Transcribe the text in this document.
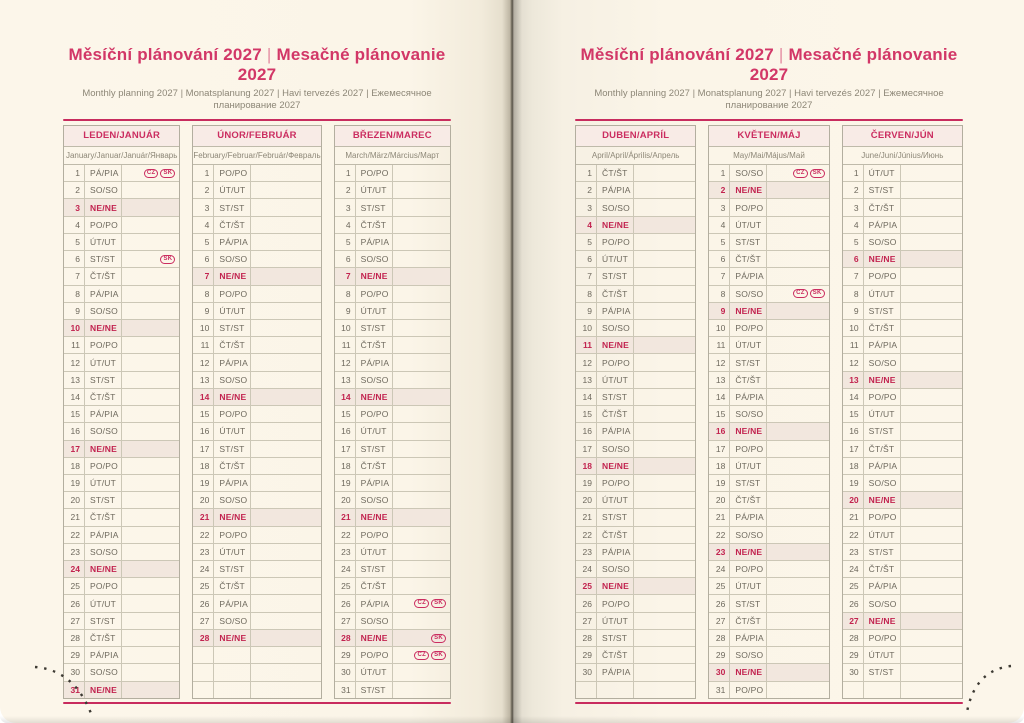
Měsíční plánování 2027 | Mesačné plánovanie 2027
Monthly planning 2027 | Monatsplanung 2027 | Havi tervezés 2027 | Ежемесячное планирование 2027
LEDEN/JANUÁR
January/Januar/Január/Январь
1	PÁ/PIA	CZ	SK
2	SO/SO
3	NE/NE
4	PO/PO
5	ÚT/UT
6	ST/ST	SK
7	ČT/ŠT
8	PÁ/PIA
9	SO/SO
10	NE/NE
11	PO/PO
12	ÚT/UT
13	ST/ST
14	ČT/ŠT
15	PÁ/PIA
16	SO/SO
17	NE/NE
18	PO/PO
19	ÚT/UT
20	ST/ST
21	ČT/ŠT
22	PÁ/PIA
23	SO/SO
24	NE/NE
25	PO/PO
26	ÚT/UT
27	ST/ST
28	ČT/ŠT
29	PÁ/PIA
30	SO/SO
31	NE/NE
ÚNOR/FEBRUÁR
February/Februar/Február/Февраль
1	PO/PO
2	ÚT/UT
3	ST/ST
4	ČT/ŠT
5	PÁ/PIA
6	SO/SO
7	NE/NE
8	PO/PO
9	ÚT/UT
10	ST/ST
11	ČT/ŠT
12	PÁ/PIA
13	SO/SO
14	NE/NE
15	PO/PO
16	ÚT/UT
17	ST/ST
18	ČT/ŠT
19	PÁ/PIA
20	SO/SO
21	NE/NE
22	PO/PO
23	ÚT/UT
24	ST/ST
25	ČT/ŠT
26	PÁ/PIA
27	SO/SO
28	NE/NE
BŘEZEN/MAREC
March/März/Március/Март
1	PO/PO
2	ÚT/UT
3	ST/ST
4	ČT/ŠT
5	PÁ/PIA
6	SO/SO
7	NE/NE
8	PO/PO
9	ÚT/UT
10	ST/ST
11	ČT/ŠT
12	PÁ/PIA
13	SO/SO
14	NE/NE
15	PO/PO
16	ÚT/UT
17	ST/ST
18	ČT/ŠT
19	PÁ/PIA
20	SO/SO
21	NE/NE
22	PO/PO
23	ÚT/UT
24	ST/ST
25	ČT/ŠT
26	PÁ/PIA	CZ	SK
27	SO/SO
28	NE/NE	SK
29	PO/PO	CZ	SK
30	ÚT/UT
31	ST/ST
Měsíční plánování 2027 | Mesačné plánovanie 2027
Monthly planning 2027 | Monatsplanung 2027 | Havi tervezés 2027 | Ежемесячное планирование 2027
DUBEN/APRÍL
April/April/Április/Апрель
1	ČT/ŠT
2	PÁ/PIA
3	SO/SO
4	NE/NE
5	PO/PO
6	ÚT/UT
7	ST/ST
8	ČT/ŠT
9	PÁ/PIA
10	SO/SO
11	NE/NE
12	PO/PO
13	ÚT/UT
14	ST/ST
15	ČT/ŠT
16	PÁ/PIA
17	SO/SO
18	NE/NE
19	PO/PO
20	ÚT/UT
21	ST/ST
22	ČT/ŠT
23	PÁ/PIA
24	SO/SO
25	NE/NE
26	PO/PO
27	ÚT/UT
28	ST/ST
29	ČT/ŠT
30	PÁ/PIA
KVĚTEN/MÁJ
May/Mai/Május/Май
1	SO/SO	CZ	SK
2	NE/NE
3	PO/PO
4	ÚT/UT
5	ST/ST
6	ČT/ŠT
7	PÁ/PIA
8	SO/SO	CZ	SK
9	NE/NE
10	PO/PO
11	ÚT/UT
12	ST/ST
13	ČT/ŠT
14	PÁ/PIA
15	SO/SO
16	NE/NE
17	PO/PO
18	ÚT/UT
19	ST/ST
20	ČT/ŠT
21	PÁ/PIA
22	SO/SO
23	NE/NE
24	PO/PO
25	ÚT/UT
26	ST/ST
27	ČT/ŠT
28	PÁ/PIA
29	SO/SO
30	NE/NE
31	PO/PO
ČERVEN/JÚN
June/Juni/Június/Июнь
1	ÚT/UT
2	ST/ST
3	ČT/ŠT
4	PÁ/PIA
5	SO/SO
6	NE/NE
7	PO/PO
8	ÚT/UT
9	ST/ST
10	ČT/ŠT
11	PÁ/PIA
12	SO/SO
13	NE/NE
14	PO/PO
15	ÚT/UT
16	ST/ST
17	ČT/ŠT
18	PÁ/PIA
19	SO/SO
20	NE/NE
21	PO/PO
22	ÚT/UT
23	ST/ST
24	ČT/ŠT
25	PÁ/PIA
26	SO/SO
27	NE/NE
28	PO/PO
29	ÚT/UT
30	ST/ST
